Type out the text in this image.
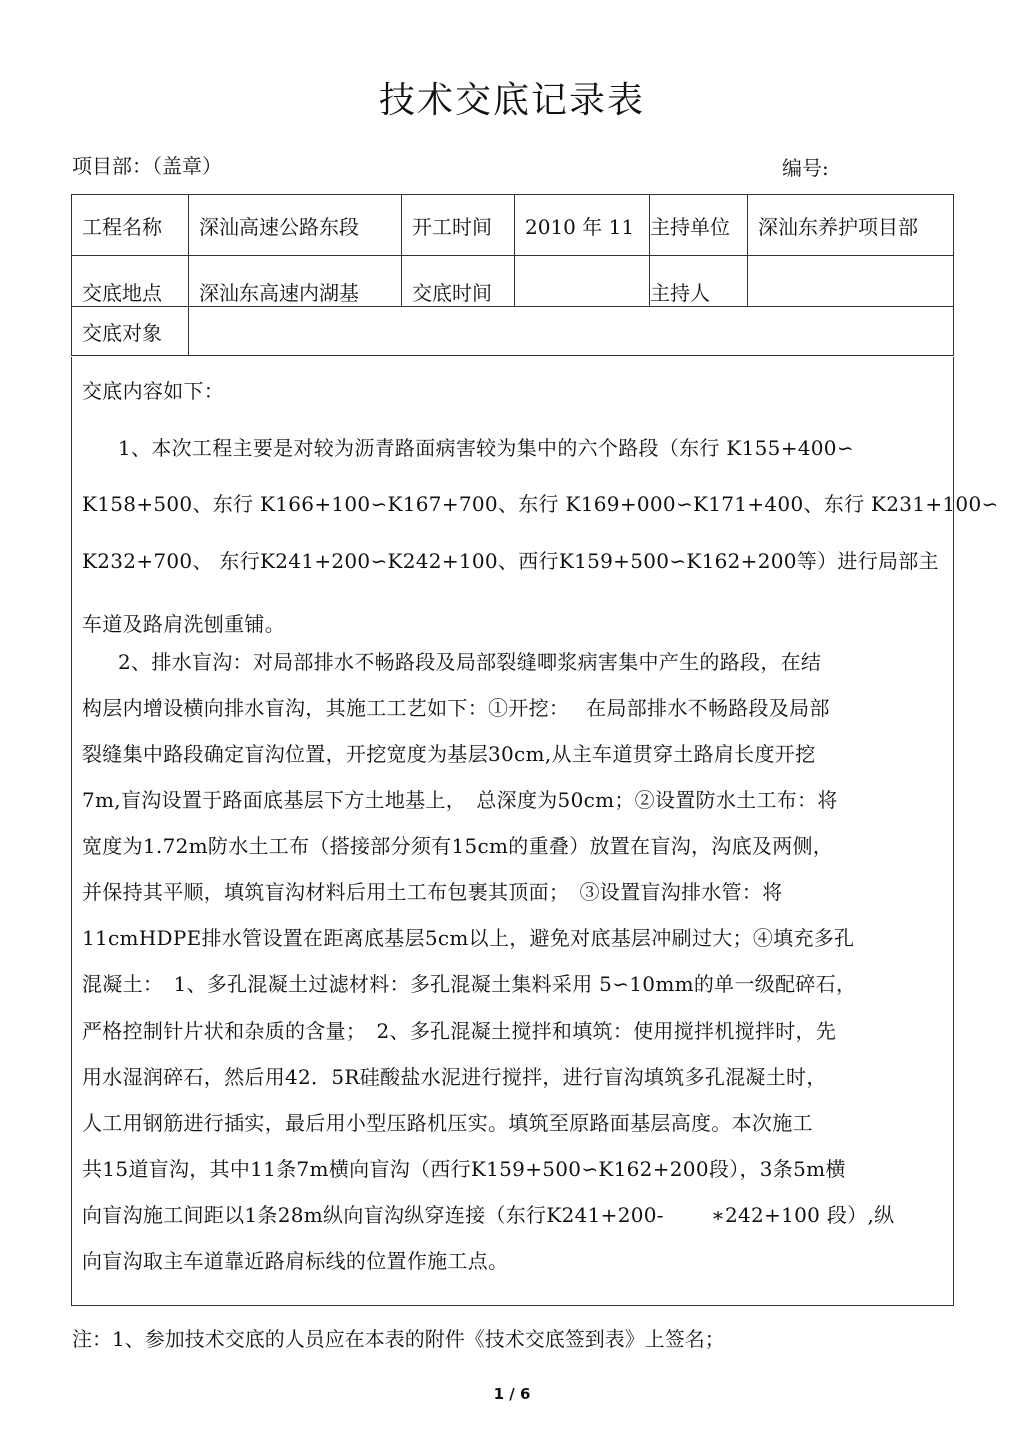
技术交底记录表
项目部：（盖章）	编号:
工程名称	深汕高速公路东段	开工时间	2010 年 11	主持单位	深汕东养护项目部
交底地点	深汕东高速内湖基	交底时间		主持人	
交底对象					
交底内容如下：
1、本次工程主要是对较为沥青路面病害较为集中的六个路段（东行 K155+400∽
K158+500、东行 K166+100∽K167+700、东行 K169+000∽K171+400、东行 K231+100∽
K232+700、 东行K241+200∽K242+100、西行K159+500∽K162+200等）进行局部主
车道及路肩洗刨重铺。
2、排水盲沟：对局部排水不畅路段及局部裂缝唧浆病害集中产生的路段，在结
构层内增设横向排水盲沟，其施工工艺如下：①开挖：　 在局部排水不畅路段及局部
裂缝集中路段确定盲沟位置，开挖宽度为基层30cm,从主车道贯穿土路肩长度开挖
7m,盲沟设置于路面底基层下方土地基上，　总深度为50cm；②设置防水土工布：将
宽度为1.72m防水土工布（搭接部分须有15cm的重叠）放置在盲沟，沟底及两侧，
并保持其平顺，填筑盲沟材料后用土工布包裹其顶面；　③设置盲沟排水管：将
11cmHDPE排水管设置在距离底基层5cm以上，避免对底基层冲刷过大；④填充多孔
混凝土：　1、多孔混凝土过滤材料：多孔混凝土集料采用 5∽10mm的单一级配碎石，
严格控制针片状和杂质的含量；　2、多孔混凝土搅拌和填筑：使用搅拌机搅拌时，先
用水湿润碎石，然后用42．5R硅酸盐水泥进行搅拌，进行盲沟填筑多孔混凝土时，
人工用钢筋进行插实，最后用小型压路机压实。填筑至原路面基层高度。本次施工
共15道盲沟，其中11条7m横向盲沟（西行K159+500∽K162+200段），3条5m横
向盲沟施工间距以1条28m纵向盲沟纵穿连接（东行K241+200-　　 ∗242+100 段）,纵
向盲沟取主车道靠近路肩标线的位置作施工点。
注：1、参加技术交底的人员应在本表的附件《技术交底签到表》上签名；
1 / 6
